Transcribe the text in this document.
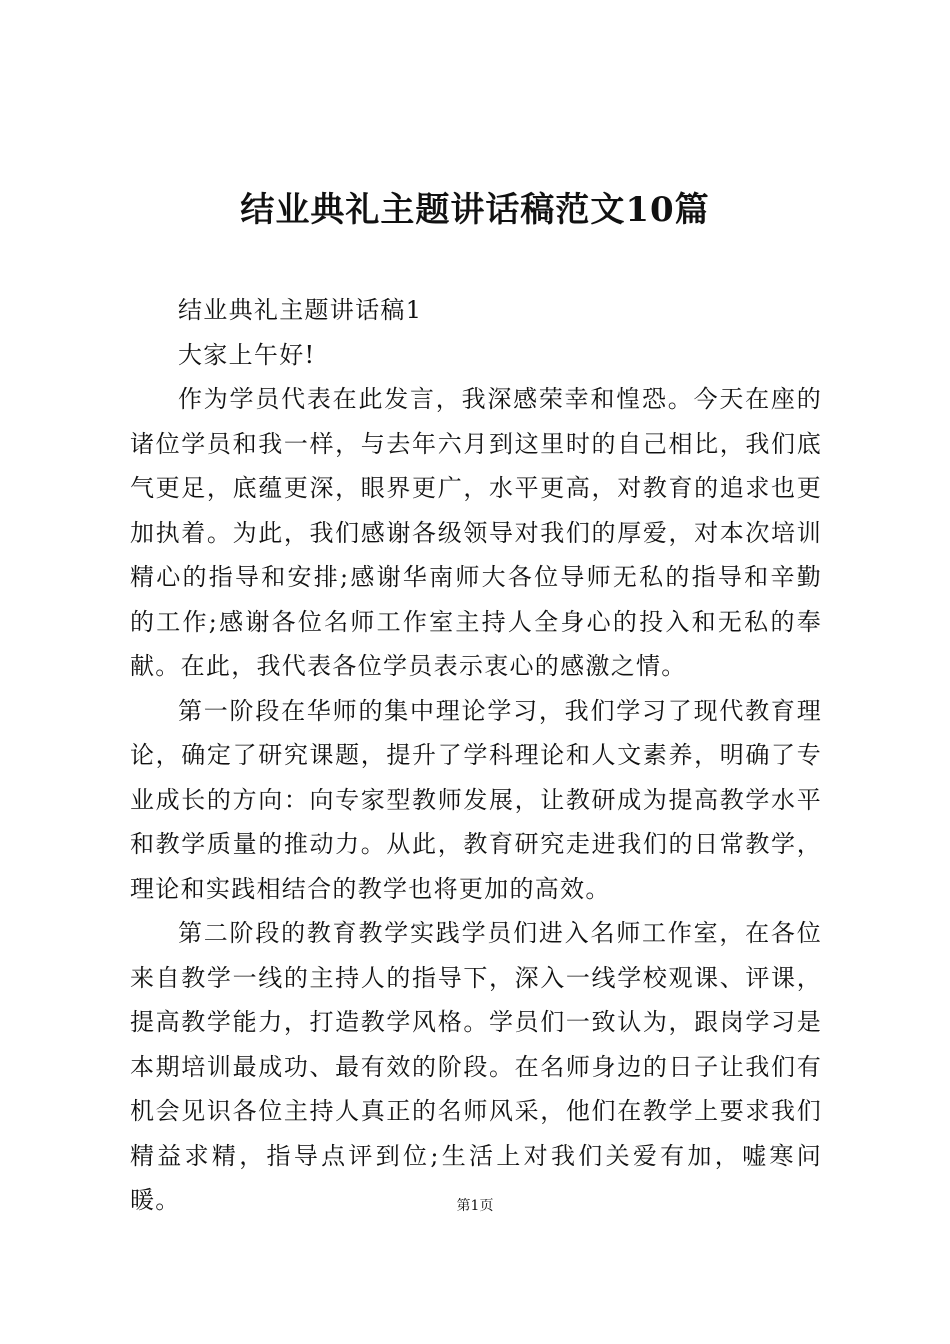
结业典礼主题讲话稿范文10篇

结业典礼主题讲话稿1

大家上午好!

作为学员代表在此发言，我深感荣幸和惶恐。今天在座的诸位学员和我一样，与去年六月到这里时的自己相比，我们底气更足，底蕴更深，眼界更广，水平更高，对教育的追求也更加执着。为此，我们感谢各级领导对我们的厚爱，对本次培训精心的指导和安排;感谢华南师大各位导师无私的指导和辛勤的工作;感谢各位名师工作室主持人全身心的投入和无私的奉献。在此，我代表各位学员表示衷心的感激之情。

第一阶段在华师的集中理论学习，我们学习了现代教育理论，确定了研究课题，提升了学科理论和人文素养，明确了专业成长的方向：向专家型教师发展，让教研成为提高教学水平和教学质量的推动力。从此，教育研究走进我们的日常教学，理论和实践相结合的教学也将更加的高效。

第二阶段的教育教学实践学员们进入名师工作室，在各位来自教学一线的主持人的指导下，深入一线学校观课、评课，提高教学能力，打造教学风格。学员们一致认为，跟岗学习是本期培训最成功、最有效的阶段。在名师身边的日子让我们有机会见识各位主持人真正的名师风采，他们在教学上要求我们精益求精，指导点评到位;生活上对我们关爱有加，嘘寒问暖。	第1页
